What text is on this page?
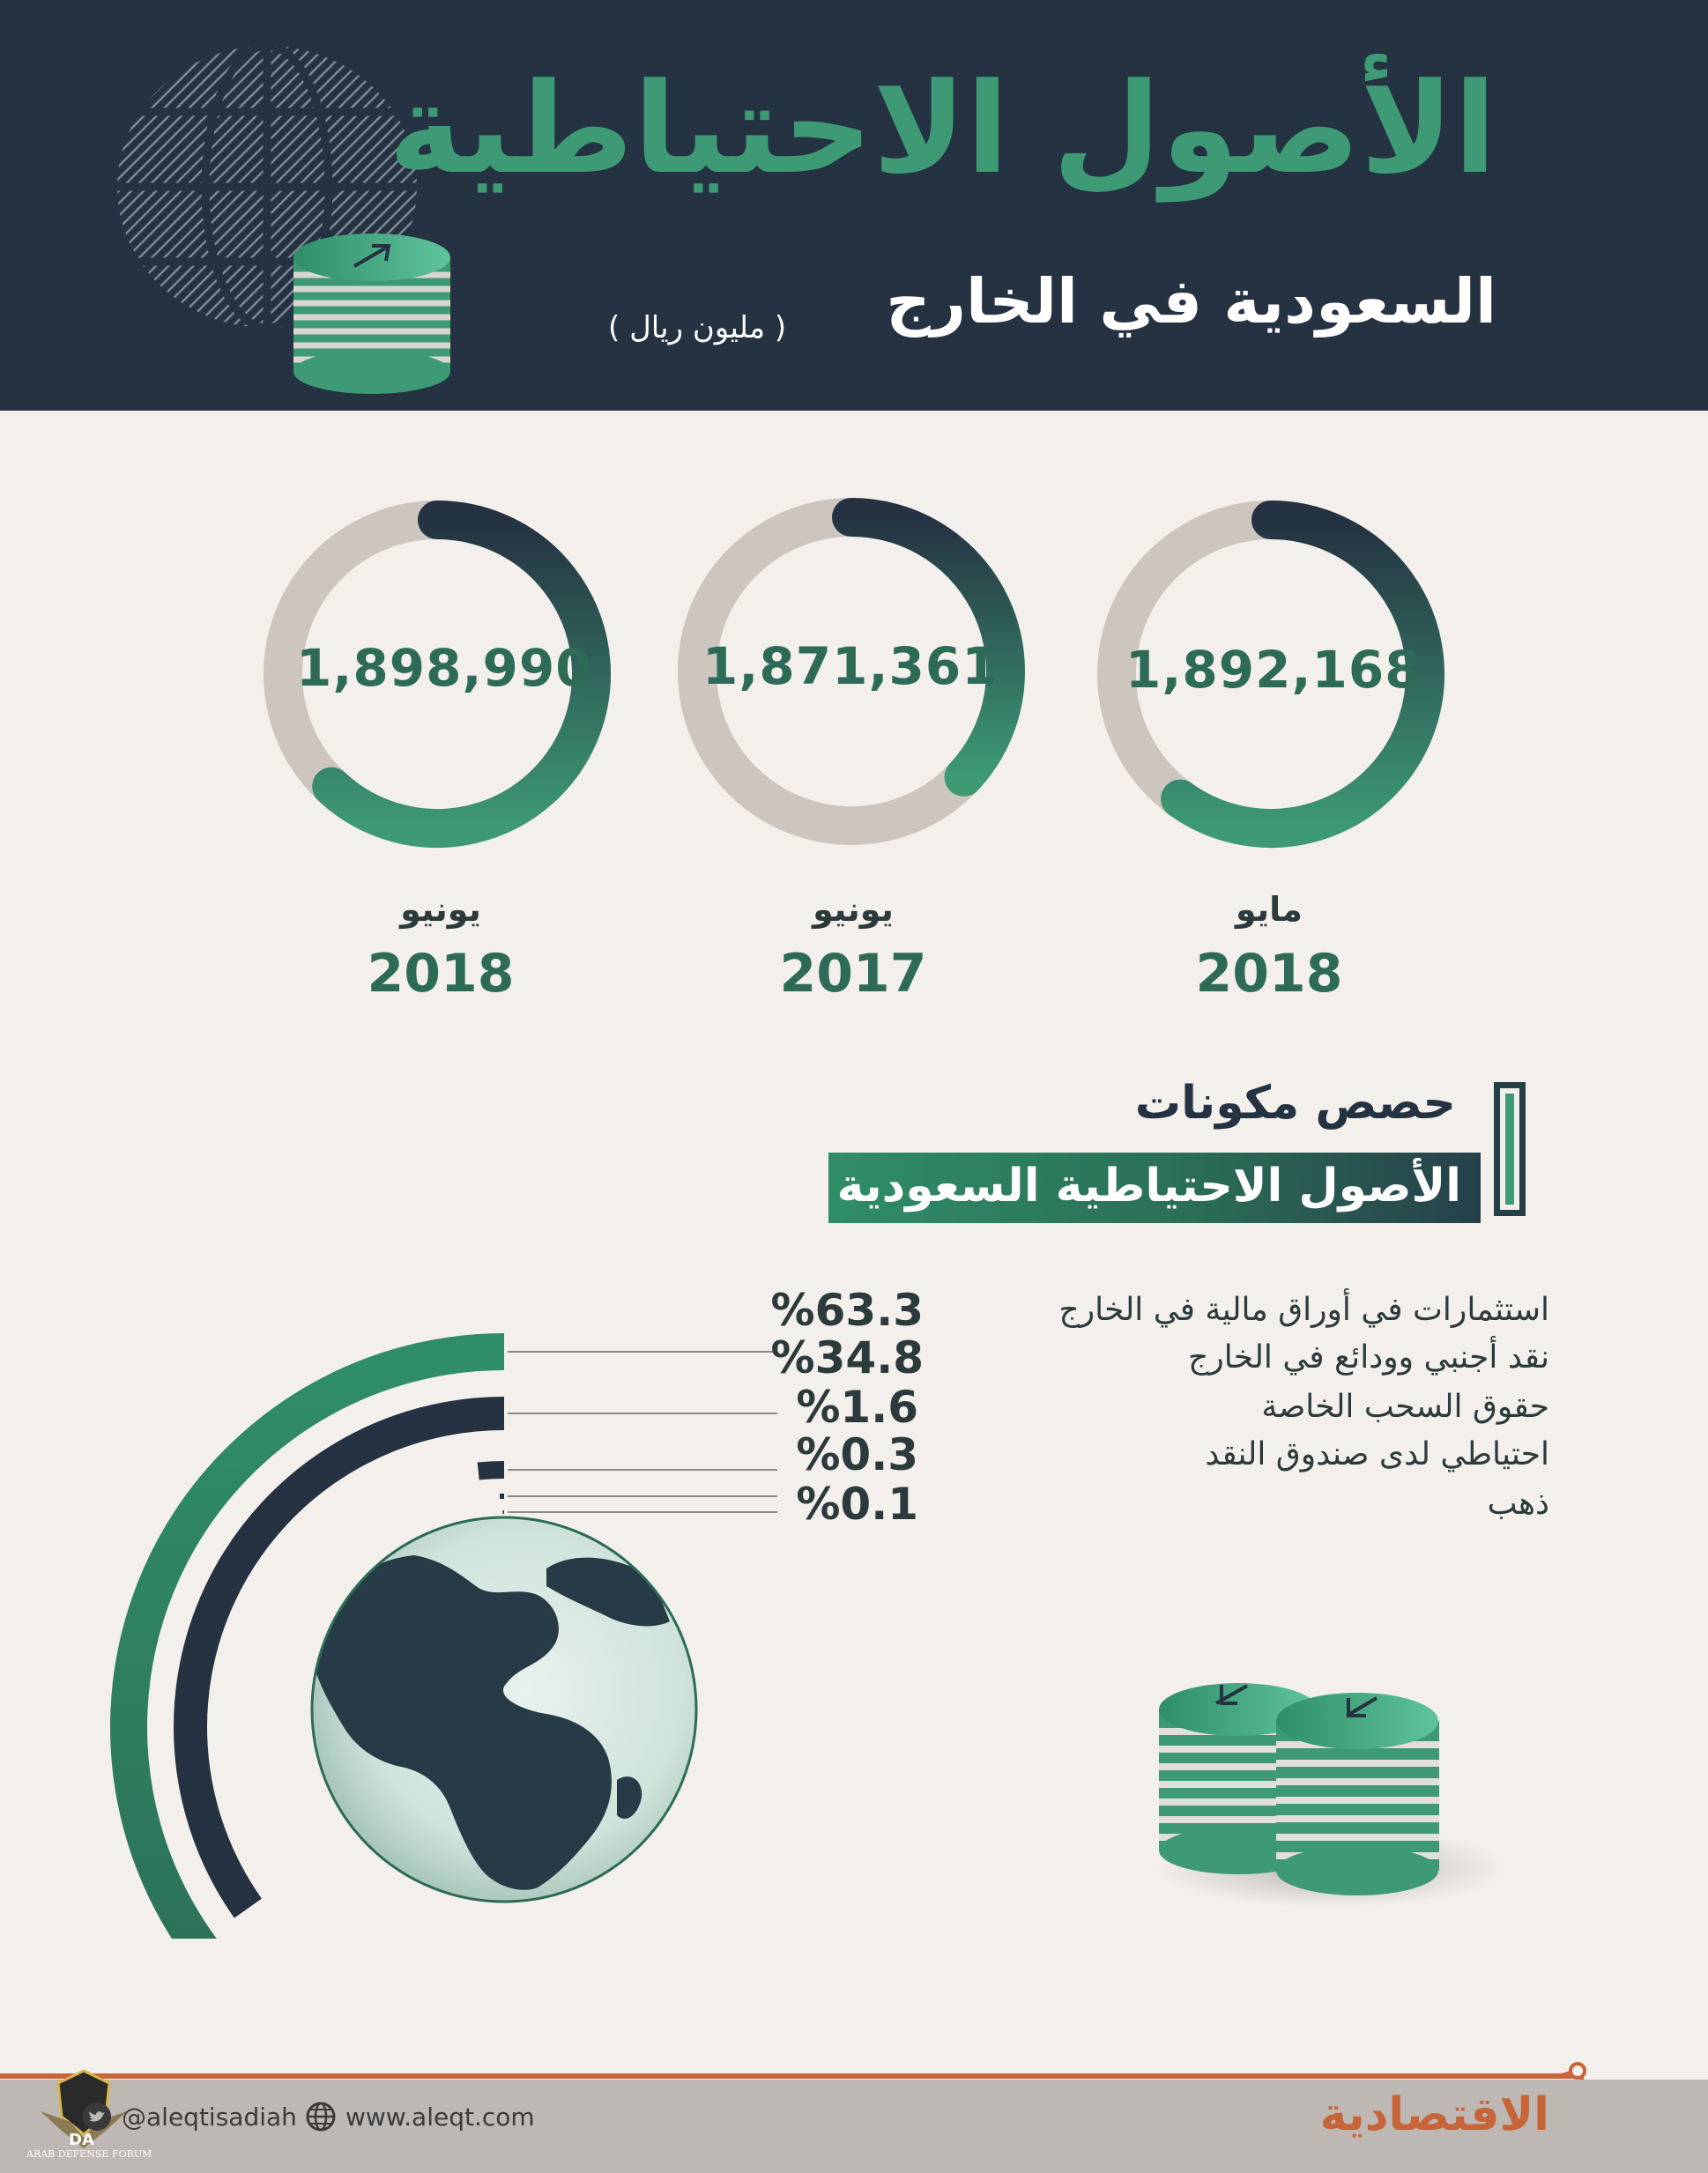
الأصول الاحتياطية
السعودية في الخارج
( مليون ريال )
1,892,168
1,871,361
1,898,990
مايو
يونيو
يونيو
2018
2017
2018
حصص مكونات
الأصول الاحتياطية السعودية
%63.3
%34.8
%1.6
%0.3
%0.1
استثمارات في أوراق مالية في الخارج
نقد أجنبي وودائع في الخارج
حقوق السحب الخاصة
احتياطي لدى صندوق النقد
ذهب
DA
ARAB DEFENSE FORUM
@aleqtisadiah www.aleqt.com	الاقتصادية
